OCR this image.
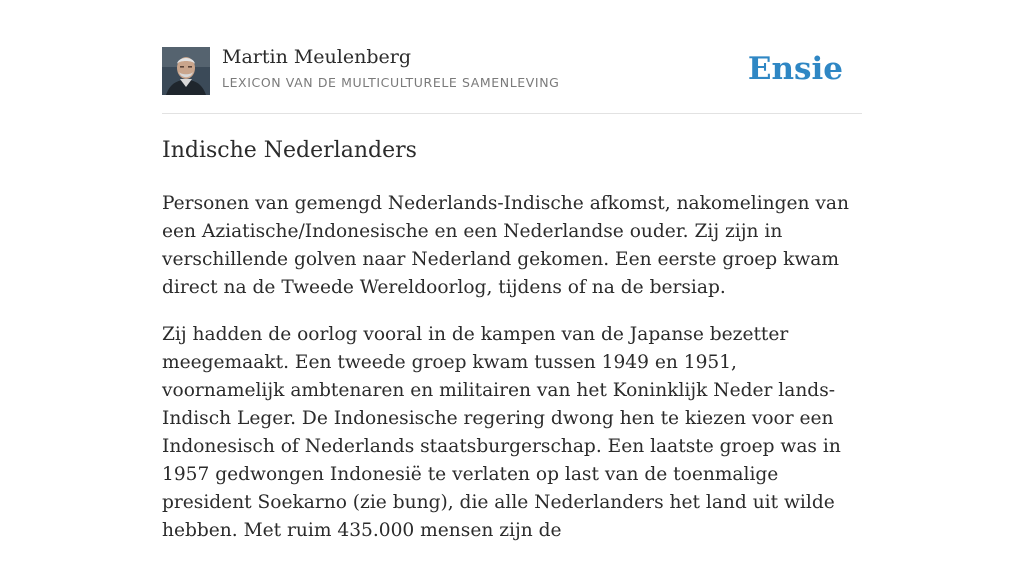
Martin Meulenberg
LEXICON VAN DE MULTICULTURELE SAMENLEVING	Ensie
Indische Nederlanders

Personen van gemengd Nederlands-Indische afkomst, nakomelingen van een Aziatische/Indonesische en een Nederlandse ouder. Zij zijn in verschillende golven naar Nederland gekomen. Een eerste groep kwam direct na de Tweede Wereldoorlog, tijdens of na de bersiap.

Zij hadden de oorlog vooral in de kampen van de Japanse bezetter meegemaakt. Een tweede groep kwam tussen 1949 en 1951, voornamelijk ambtenaren en militairen van het Koninklijk Neder lands-Indisch Leger. De Indonesische regering dwong hen te kiezen voor een Indonesisch of Nederlands staatsburgerschap. Een laatste groep was in 1957 gedwongen Indonesië te verlaten op last van de toenmalige president Soekarno (zie bung), die alle Nederlanders het land uit wilde hebben. Met ruim 435.000 mensen zijn de
